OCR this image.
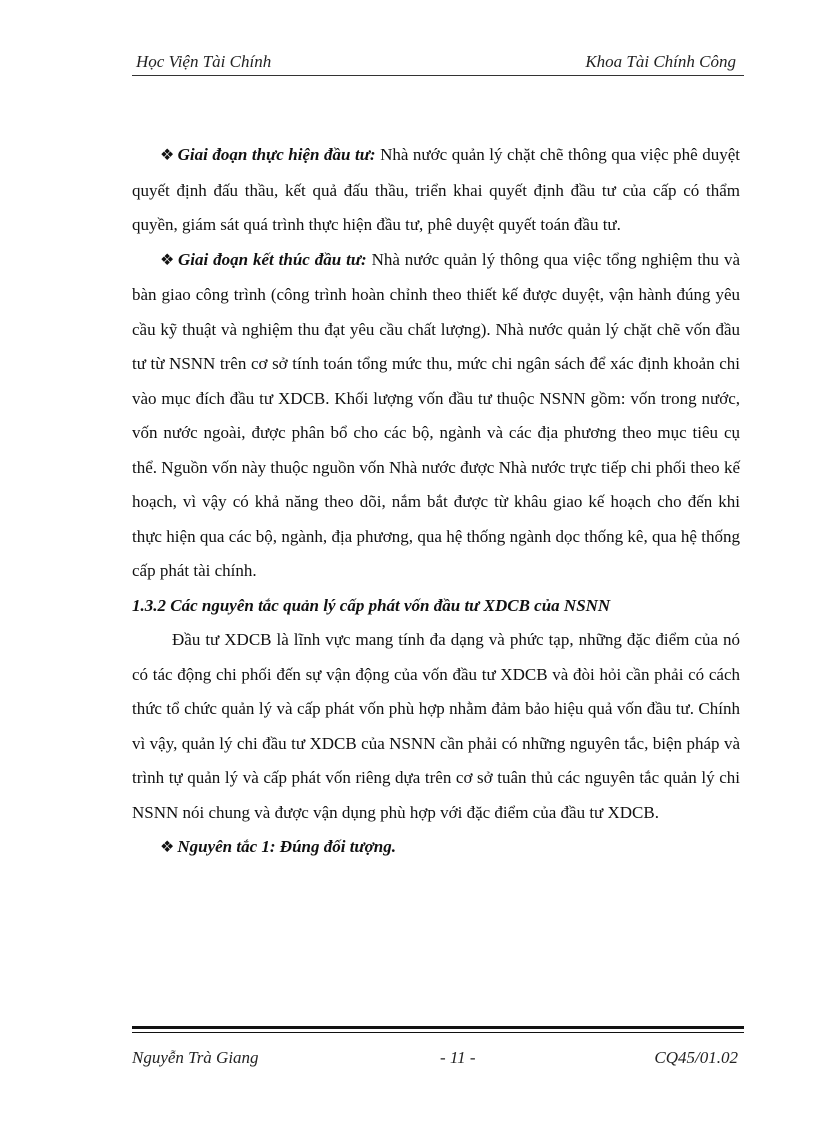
Học Viện Tài Chính	Khoa Tài Chính Công

❖ Giai đoạn thực hiện đầu tư: Nhà nước quản lý chặt chẽ thông qua việc phê duyệt quyết định đấu thầu, kết quả đấu thầu, triển khai quyết định đầu tư của cấp có thẩm quyền, giám sát quá trình thực hiện đầu tư, phê duyệt quyết toán đầu tư.

❖ Giai đoạn kết thúc đầu tư: Nhà nước quản lý thông qua việc tổng nghiệm thu và bàn giao công trình (công trình hoàn chỉnh theo thiết kế được duyệt, vận hành đúng yêu cầu kỹ thuật và nghiệm thu đạt yêu cầu chất lượng). Nhà nước quản lý chặt chẽ vốn đầu tư từ NSNN trên cơ sở tính toán tổng mức thu, mức chi ngân sách để xác định khoản chi vào mục đích đầu tư XDCB. Khối lượng vốn đầu tư thuộc NSNN gồm: vốn trong nước, vốn nước ngoài, được phân bổ cho các bộ, ngành và các địa phương theo mục tiêu cụ thể. Nguồn vốn này thuộc nguồn vốn Nhà nước được Nhà nước trực tiếp chi phối theo kế hoạch, vì vậy có khả năng theo dõi, nắm bắt được từ khâu giao kế hoạch cho đến khi thực hiện qua các bộ, ngành, địa phương, qua hệ thống ngành dọc thống kê, qua hệ thống cấp phát tài chính.

1.3.2 Các nguyên tắc quản lý cấp phát vốn đầu tư XDCB của NSNN

Đầu tư XDCB là lĩnh vực mang tính đa dạng và phức tạp, những đặc điểm của nó có tác động chi phối đến sự vận động của vốn đầu tư XDCB và đòi hỏi cần phải có cách thức tổ chức quản lý và cấp phát vốn phù hợp nhằm đảm bảo hiệu quả vốn đầu tư. Chính vì vậy, quản lý chi đầu tư XDCB của NSNN cần phải có những nguyên tắc, biện pháp và trình tự quản lý và cấp phát vốn riêng dựa trên cơ sở tuân thủ các nguyên tắc quản lý chi NSNN nói chung và được vận dụng phù hợp với đặc điểm của đầu tư XDCB.

❖ Nguyên tắc 1: Đúng đối tượng.

Nguyễn Trà Giang	- 11 -	CQ45/01.02
